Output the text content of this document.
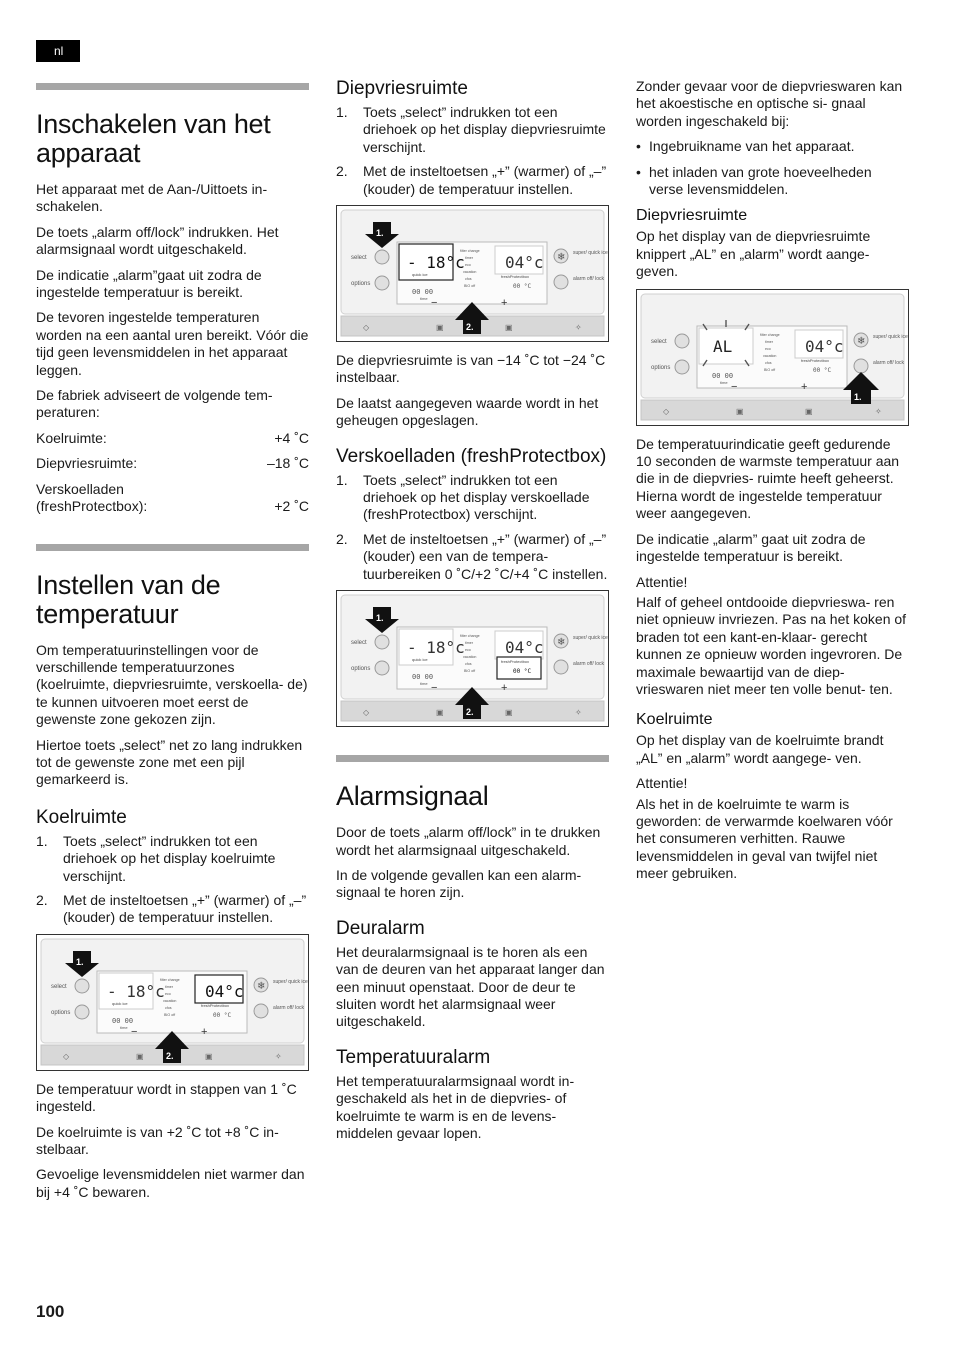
nl
Inschakelen van het apparaat

Het apparaat met de Aan-/Uittoets in- schakelen.

De toets „alarm off/lock” indrukken. Het alarmsignaal wordt uitgeschakeld.

De indicatie „alarm”gaat uit zodra de ingestelde temperatuur is bereikt.

De tevoren ingestelde temperaturen worden na een aantal uren bereikt. Vóór die tijd geen levensmiddelen in het apparaat leggen.

De fabriek adviseert de volgende tem- peraturen:

Koelruimte:	+4 ˚C
Diepvriesruimte:	–18 ˚C
Verskoelladen (freshProtectbox):	+2 ˚C
Instellen van de temperatuur

Om temperatuurinstellingen voor de verschillende temperatuurzones (koelruimte, diepvriesruimte, verskoella- de) te kunnen uitvoeren moet eerst de gewenste zone gekozen zijn.

Hiertoe toets „select” net zo lang indrukken tot de gewenste zone met een pijl gemarkeerd is.

Koelruimte
1. Toets „select” indrukken tot een driehoek op het display koelruimte verschijnt.
2. Met de insteltoetsen „+” (warmer) of „–” (kouder) de temperatuur instellen.
select
options
- 18°c
quick ice
00 00
time
filter change
timer
eco
vacation
cfos
BIO off
04°c
freshProtectbox
00 °C
−	+
❄ super/ quick ice
alarm off/ lock
◇	▣	▣	✧
1.
2.

De temperatuur wordt in stappen van 1 ˚C ingesteld.

De koelruimte is van +2 ˚C tot +8 ˚C in- stelbaar.

Gevoelige levensmiddelen niet warmer dan bij +4 ˚C bewaren.

Diepvriesruimte
1. Toets „select” indrukken tot een driehoek op het display diepvriesruimte verschijnt.
2. Met de insteltoetsen „+” (warmer) of „–” (kouder) de temperatuur instellen.
select
options
- 18°c
quick ice
00 00
time
filter change
timer
eco
vacation
cfos
BIO off
04°c
freshProtectbox
00 °C
−	+
❄ super/ quick ice
alarm off/ lock
◇	▣	▣	✧
1.
2.

De diepvriesruimte is van −14 ˚C tot −24 ˚C instelbaar.

De laatst aangegeven waarde wordt in het geheugen opgeslagen.

Verskoelladen (freshProtectbox)
1. Toets „select” indrukken tot een driehoek op het display verskoellade (freshProtectbox) verschijnt.
2. Met de insteltoetsen „+” (warmer) of „–” (kouder) een van de tempera- tuurbereiken 0 ˚C/+2 ˚C/+4 ˚C instellen.
select
options
- 18°c
quick ice
00 00
time
filter change
timer
eco
vacation
cfos
BIO off
04°c
freshProtectbox
00 °C
−	+
❄ super/ quick ice
alarm off/ lock
◇	▣	▣	✧
1.
2.
Alarmsignaal

Door de toets „alarm off/lock” in te drukken wordt het alarmsignaal uitgeschakeld.

In de volgende gevallen kan een alarm- signaal te horen zijn.

Deuralarm

Het deuralarmsignaal is te horen als een van de deuren van het apparaat langer dan een minuut openstaat. Door de deur te sluiten wordt het alarmsignaal weer uitgeschakeld.

Temperatuuralarm

Het temperatuuralarmsignaal wordt in- geschakeld als het in de diepvries- of koelruimte te warm is en de levens- middelen gevaar lopen.

Zonder gevaar voor de diepvrieswaren kan het akoestische en optische si- gnaal worden ingeschakeld bij:

• Ingebruikname van het apparaat.
• het inladen van grote hoeveelheden verse levensmiddelen.
Diepvriesruimte

Op het display van de diepvriesruimte knippert „AL” en „alarm” wordt aange- geven.

select
options
AL
00 00
time
filter change
timer
eco
vacation
cfos
BIO off
04°c
freshProtectbox
00 °C
−	+
❄ super/ quick ice
alarm off/ lock
◇	▣	▣	✧
1.

De temperatuurindicatie geeft gedurende 10 seconden de warmste temperatuur aan die in de diepvries- ruimte heeft geheerst. Hierna wordt de ingestelde temperatuur weer aangegeven.

De indicatie „alarm” gaat uit zodra de ingestelde temperatuur is bereikt.

Attentie!

Half of geheel ontdooide diepvrieswa- ren niet opnieuw invriezen. Pas na het koken of braden tot een kant-en-klaar- gerecht kunnen ze opnieuw worden ingevroren. De maximale bewaartijd van de diep- vrieswaren niet meer ten volle benut- ten.

Koelruimte

Op het display van de koelruimte brandt „AL” en „alarm” wordt aangege- ven.

Attentie!

Als het in de koelruimte te warm is geworden: de verwarmde koelwaren vóór het consumeren verhitten. Rauwe levensmiddelen in geval van twijfel niet meer gebruiken.

100
